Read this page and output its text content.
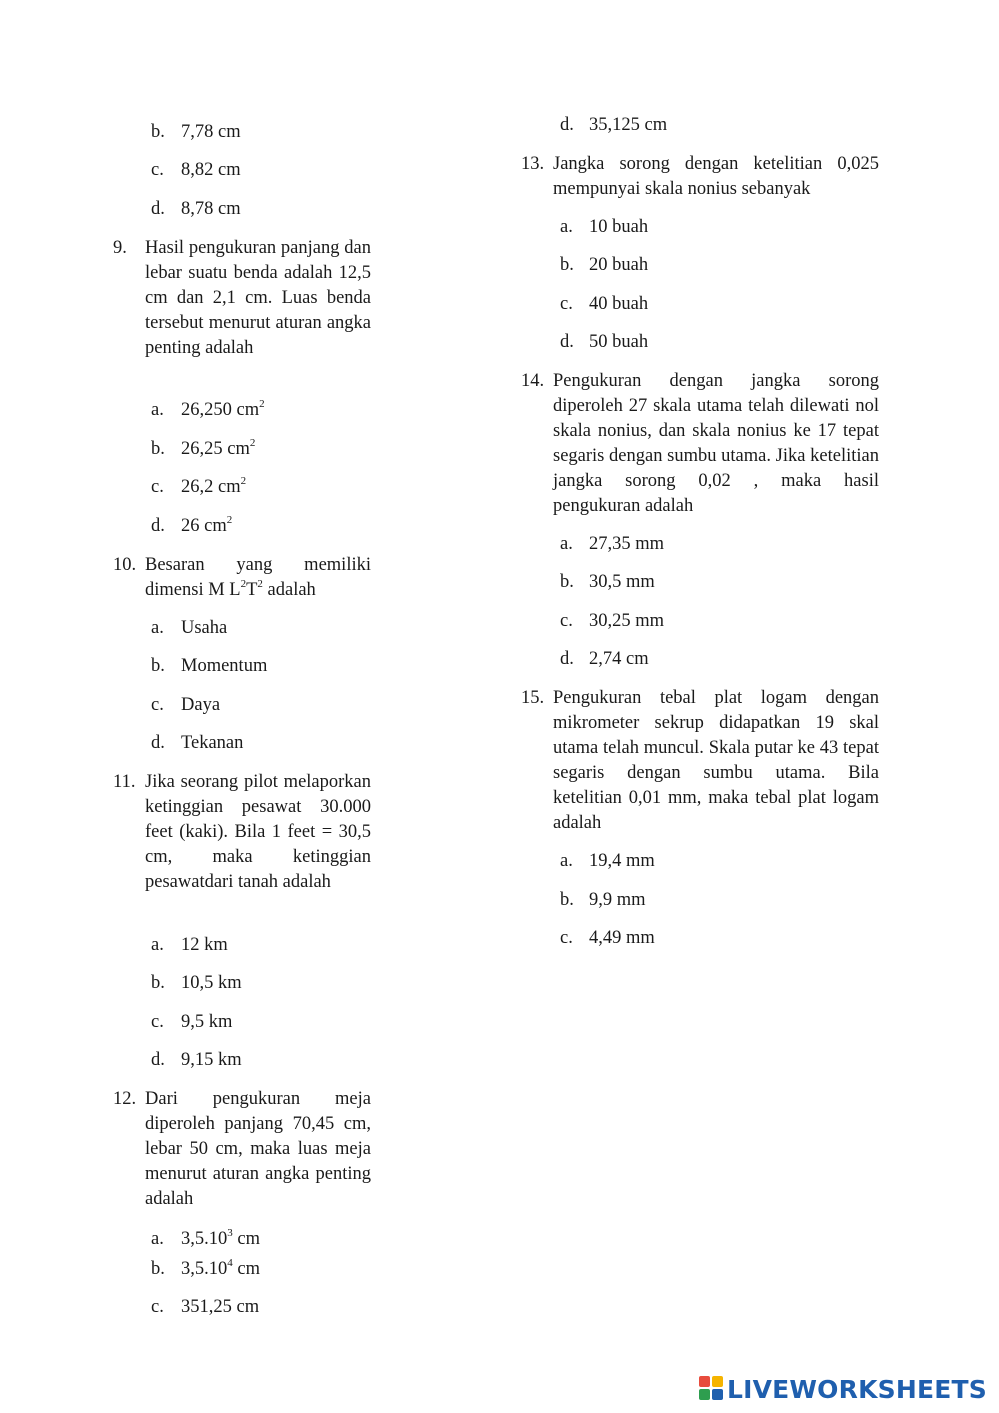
b. 7,78 cm
c. 8,82 cm
d. 8,78 cm
9. Hasil pengukuran panjang dan lebar suatu benda adalah 12,5 cm dan 2,1 cm. Luas benda tersebut menurut aturan angka penting adalah
a. 26,250 $cm^2$
b. 26,25 $cm^2$
c. 26,2 $cm^2$
d. 26 $cm^2$
10. Besaran yang memiliki
dimensi M $L^2T^2$ adalah
a. Usaha
b. Momentum
c. Daya
d. Tekanan
11. Jika seorang pilot melaporkan ketinggian pesawat 30.000 feet (kaki). Bila 1 feet = 30,5 cm, maka ketinggian pesawatdari tanah adalah
a. 12 km
b. 10,5 km
c. 9,5 km
d. 9,15 km
12. Dari pengukuran meja diperoleh panjang 70,45 cm, lebar 50 cm, maka luas meja menurut aturan angka penting adalah
a. 3,5.10$^3$ cm
b. 3,5.10$^4$ cm
c. 351,25 cm
d. 35,125 cm
13. Jangka sorong dengan ketelitian 0,025 mempunyai skala nonius sebanyak
a. 10 buah
b. 20 buah
c. 40 buah
d. 50 buah
14. Pengukuran dengan jangka sorong diperoleh 27 skala utama telah dilewati nol skala nonius, dan skala nonius ke 17 tepat segaris dengan sumbu utama. Jika ketelitian jangka sorong 0,02 , maka hasil pengukuran adalah
a. 27,35 mm
b. 30,5 mm
c. 30,25 mm
d. 2,74 cm
15. Pengukuran tebal plat logam dengan mikrometer sekrup didapatkan 19 skal utama telah muncul. Skala putar ke 43 tepat segaris dengan sumbu utama. Bila ketelitian 0,01 mm, maka tebal plat logam adalah
a. 19,4 mm
b. 9,9 mm
c. 4,49 mm
LIVEWORKSHEETS
